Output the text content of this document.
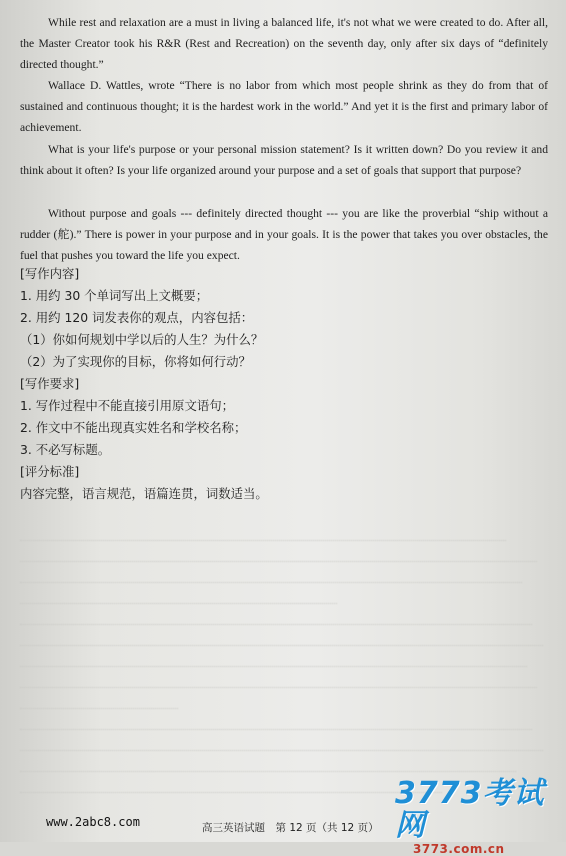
While rest and relaxation are a must in living a balanced life, it's not what we were created to do. After all, the Master Creator took his R&R (Rest and Recreation) on the seventh day, only after six days of “definitely directed thought.”

Wallace D. Wattles, wrote “There is no labor from which most people shrink as they do from that of sustained and continuous thought; it is the hardest work in the world.” And yet it is the first and primary labor of achievement.

What is your life's purpose or your personal mission statement? Is it written down? Do you review it and think about it often? Is your life organized around your purpose and a set of goals that support that purpose?

Without purpose and goals --- definitely directed thought --- you are like the proverbial “ship without a rudder (舵).” There is power in your purpose and in your goals. It is the power that takes you over obstacles, the fuel that pushes you toward the life you expect.

[写作内容]
1. 用约 30 个单词写出上文概要；
2. 用约 120 词发表你的观点，内容包括：
（1）你如何规划中学以后的人生？为什么？
（2）为了实现你的目标，你将如何行动？
[写作要求]
1. 写作过程中不能直接引用原文语句；
2. 作文中不能出现真实姓名和学校名称；
3. 不必写标题。
[评分标准]
内容完整，语言规范，语篇连贯，词数适当。
www.2abc8.com	高三英语试题　第 12 页（共 12 页）
3773考试网
3773.com.cn
